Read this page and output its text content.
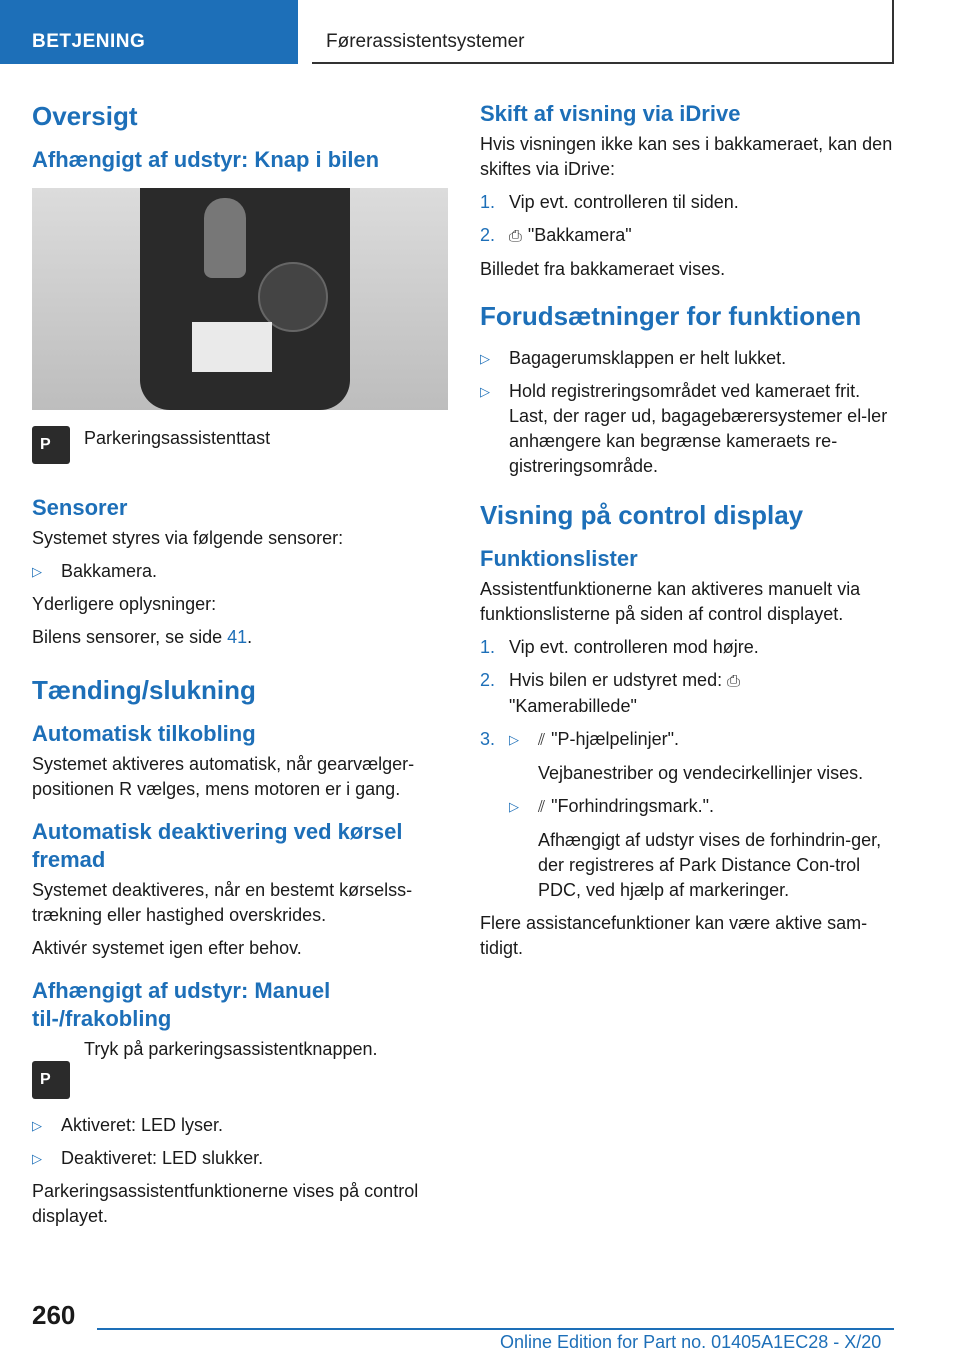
BETJENING	Førerassistentsystemer
Oversigt
Afhængigt af udstyr: Knap i bilen
P Parkeringsassistenttast

Sensorer

Systemet styres via følgende sensorer:

▷ Bakkamera.

Yderligere oplysninger:

Bilens sensorer, se side 41.

Tænding/slukning
Automatisk tilkobling

Systemet aktiveres automatisk, når gearvælger-positionen R vælges, mens motoren er i gang.

Automatisk deaktivering ved kørsel fremad

Systemet deaktiveres, når en bestemt kørselss-trækning eller hastighed overskrides.

Aktivér systemet igen efter behov.

Afhængigt af udstyr: Manuel til-/frakobling
P

Tryk på parkeringsassistentknappen.

▷ Aktiveret: LED lyser.
▷ Deaktiveret: LED slukker.

Parkeringsassistentfunktionerne vises på control displayet.

Skift af visning via iDrive

Hvis visningen ikke kan ses i bakkameraet, kan den skiftes via iDrive:

1. Vip evt. controlleren til siden.
2. ⎙ "Bakkamera"

Billedet fra bakkameraet vises.

Forudsætninger for funktionen
▷ Bagagerumsklappen er helt lukket.
▷ Hold registreringsområdet ved kameraet frit. Last, der rager ud, bagagebærersystemer el-ler anhængere kan begrænse kameraets re-gistreringsområde.
Visning på control display
Funktionslister

Assistentfunktionerne kan aktiveres manuelt via funktionslisterne på siden af control displayet.

1. Vip evt. controlleren mod højre.
2. Hvis bilen er udstyret med: ⎙
"Kamerabillede"
3. ▷ ⫽ "P-hjælpelinjer".

Vejbanestriber og vendecirkellinjer vises.

▷ ⫽ "Forhindringsmark.".

Afhængigt af udstyr vises de forhindrin-ger, der registreres af Park Distance Con-trol PDC, ved hjælp af markeringer.

Flere assistancefunktioner kan være aktive sam-tidigt.

260
Online Edition for Part no. 01405A1EC28 - X/20
